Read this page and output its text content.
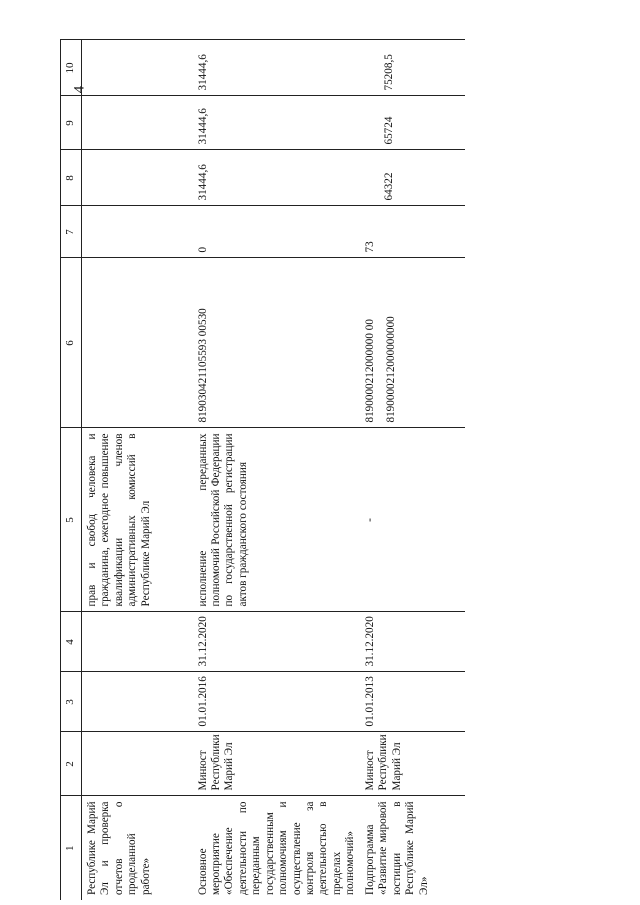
4
1	2	3	4	5	6	7	8	9	10
Республике Марий Эл и проверка отчетов о проделанной работе»				прав и свобод человека и гражданина, ежегодное повышение квалификации членов административных комиссий в Республике Марий Эл					
Основное мероприятие «Обеспечение деятельности по переданным государственным полномочиям и осуществление контроля за деятельностью в пределах полномочий»	Минюст Республики Марий Эл	01.01.2016	31.12.2020	исполнение переданных полномочий Российской Федерации по государственной регистрации актов гражданского состояния	819030421105593 00530	0	31444,6	31444,6	31444,6
Подпрограмма «Развитие мировой юстиции в Республике Марий Эл»	Минюст Республики Марий Эл	01.01.2013	31.12.2020	-	8190000212000000 00 8190000212000000000	73	64322	65724	75208,5
